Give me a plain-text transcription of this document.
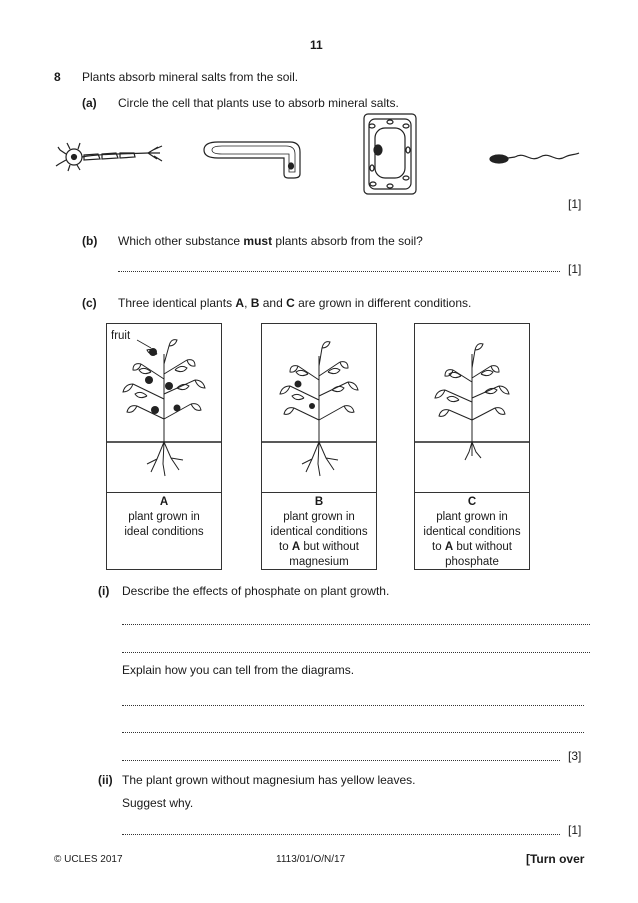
11
8 Plants absorb mineral salts from the soil.
(a) Circle the cell that plants use to absorb mineral salts.
[1]
(b) Which other substance must plants absorb from the soil?
[1]
(c) Three identical plants A, B and C are grown in different conditions.
fruit
A
plant grown in
ideal conditions
B
plant grown in
identical conditions
to A but without
magnesium
C
plant grown in
identical conditions
to A but without
phosphate
(i) Describe the effects of phosphate on plant growth.
Explain how you can tell from the diagrams.
[3]
(ii) The plant grown without magnesium has yellow leaves.
Suggest why.
[1]
© UCLES 2017	1113/01/O/N/17	[Turn over
